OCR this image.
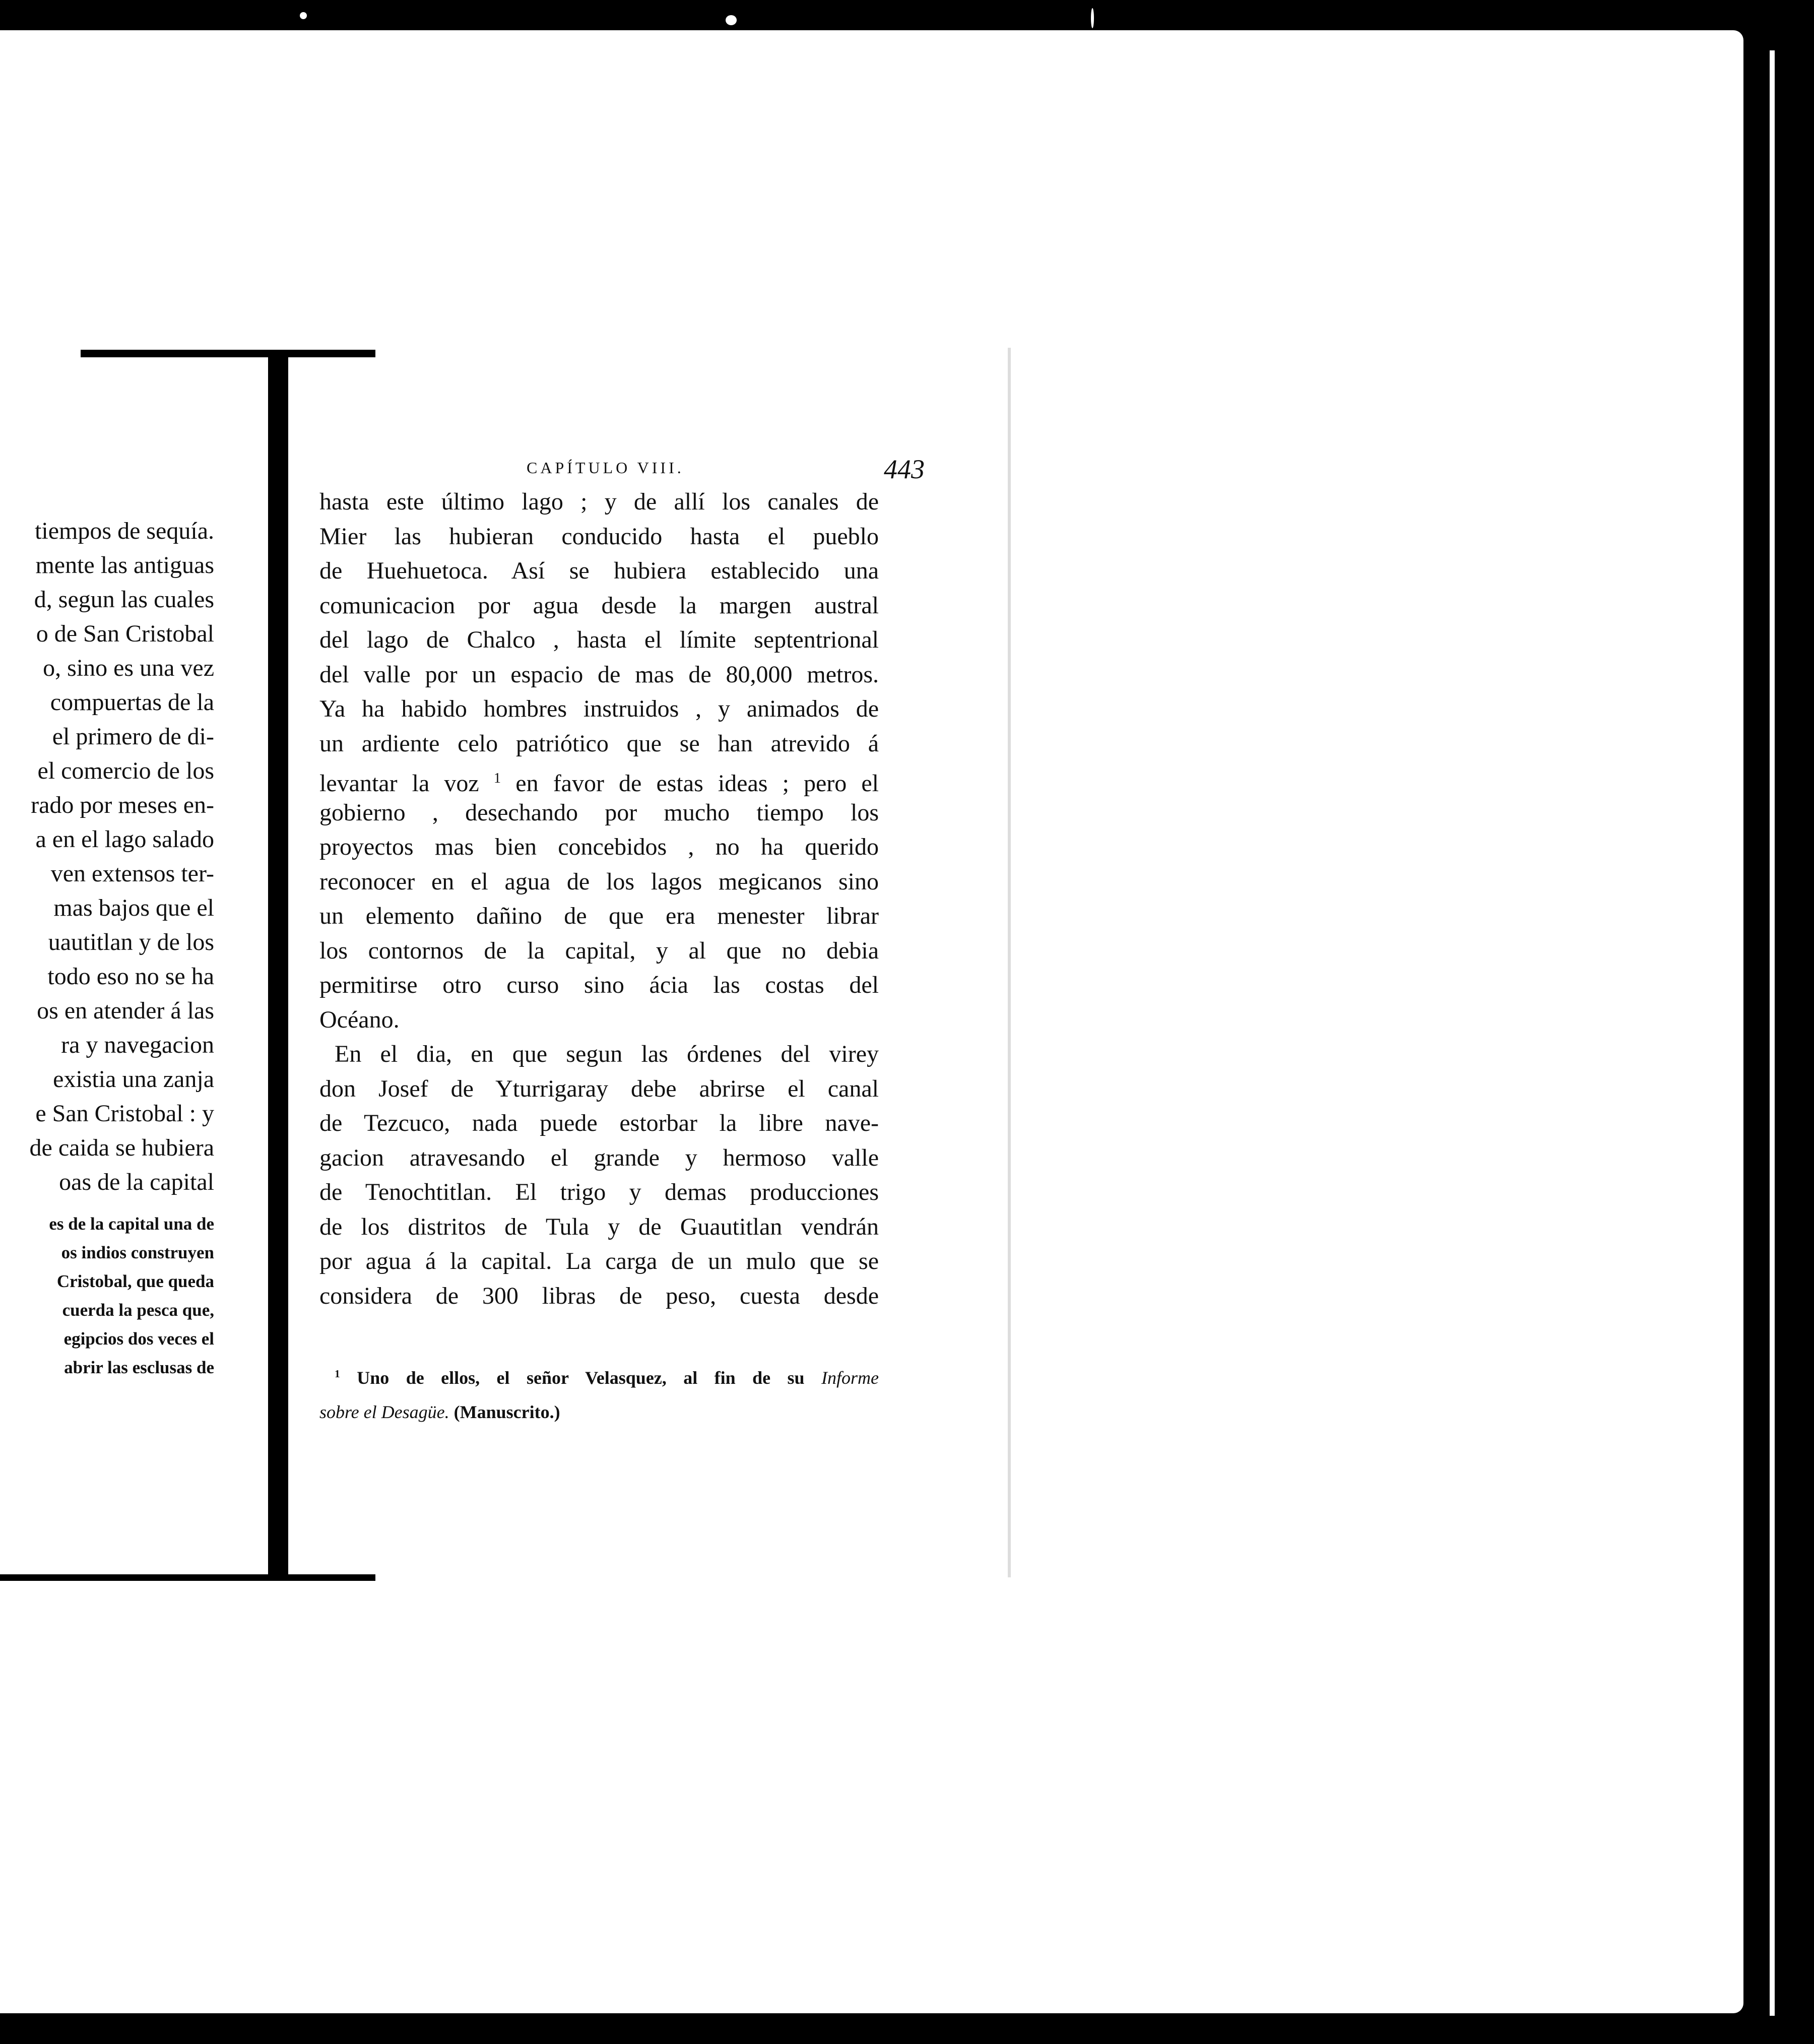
tiempos de sequía.
mente las antiguas
d, segun las cuales
o de San Cristobal
o, sino es una vez
compuertas de la
el primero de di-
el comercio de los
rado por meses en-
a en el lago salado
ven extensos ter-
mas bajos que el
uautitlan y de los
todo eso no se ha
os en atender á las
ra y navegacion
existia una zanja
e San Cristobal : y
de caida se hubiera
oas de la capital
es de la capital una de
os indios construyen
Cristobal, que queda
cuerda la pesca que,
egipcios dos veces el
abrir las esclusas de
CAPÍTULO VIII.	443
hasta este último lago ; y de allí los canales de
Mier las hubieran conducido hasta el pueblo
de Huehuetoca. Así se hubiera establecido una
comunicacion por agua desde la margen austral
del lago de Chalco , hasta el límite septentrional
del valle por un espacio de mas de 80,000 metros.
Ya ha habido hombres instruidos , y animados de
un ardiente celo patriótico que se han atrevido á
levantar la voz $^1$ en favor de estas ideas ; pero el
gobierno , desechando por mucho tiempo los
proyectos mas bien concebidos , no ha querido
reconocer en el agua de los lagos megicanos sino
un elemento dañino de que era menester librar
los contornos de la capital, y al que no debia
permitirse otro curso sino ácia las costas del
Océano.
En el dia, en que segun las órdenes del virey
don Josef de Yturrigaray debe abrirse el canal
de Tezcuco, nada puede estorbar la libre nave-
gacion atravesando el grande y hermoso valle
de Tenochtitlan. El trigo y demas producciones
de los distritos de Tula y de Guautitlan vendrán
por agua á la capital. La carga de un mulo que se
considera de 300 libras de peso, cuesta desde
$^1$ Uno de ellos, el señor Velasquez, al fin de su Informe
sobre el Desagüe. (Manuscrito.)
